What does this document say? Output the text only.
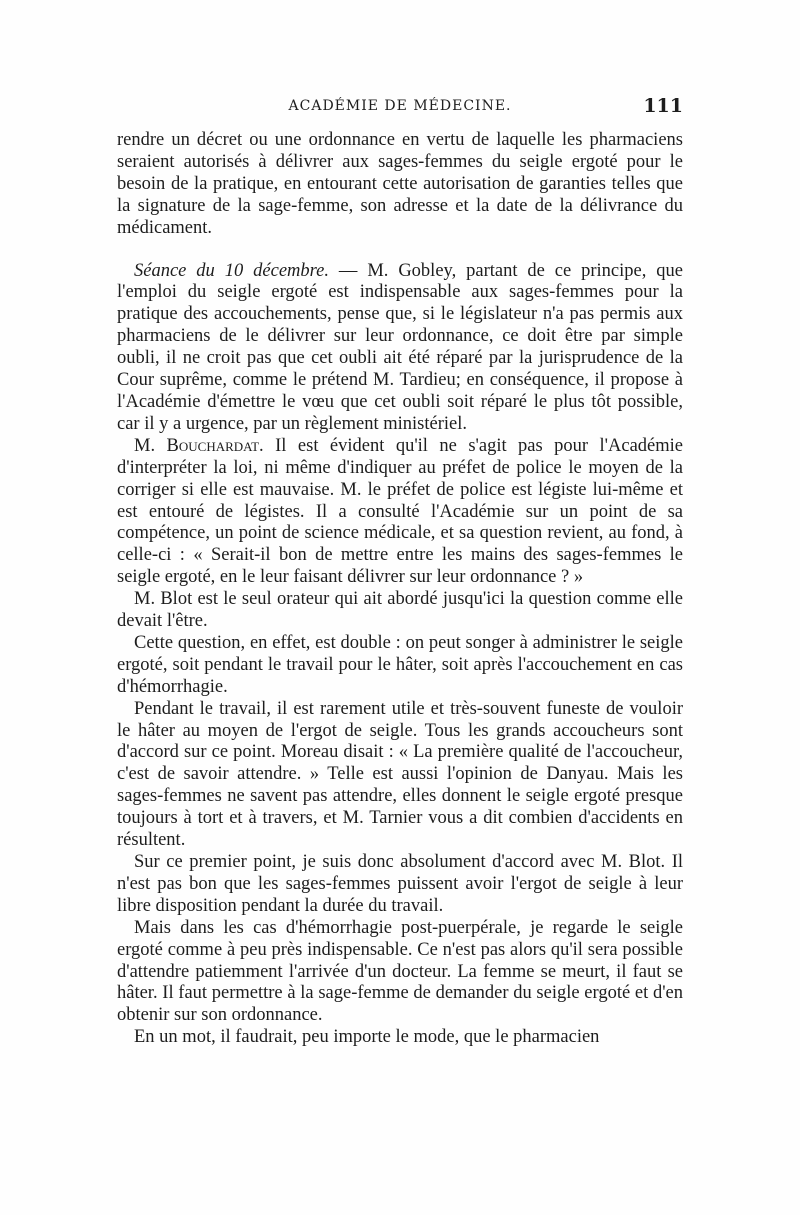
ACADÉMIE DE MÉDECINE.	111

rendre un décret ou une ordonnance en vertu de laquelle les pharmaciens seraient autorisés à délivrer aux sages-femmes du seigle ergoté pour le besoin de la pratique, en entourant cette autorisation de garanties telles que la signature de la sage-femme, son adresse et la date de la délivrance du médicament.

Séance du 10 décembre. — M. Gobley, partant de ce principe, que l'emploi du seigle ergoté est indispensable aux sages-femmes pour la pratique des accouchements, pense que, si le législateur n'a pas permis aux pharmaciens de le délivrer sur leur ordonnance, ce doit être par simple oubli, il ne croit pas que cet oubli ait été réparé par la jurisprudence de la Cour suprême, comme le prétend M. Tardieu; en conséquence, il propose à l'Académie d'émettre le vœu que cet oubli soit réparé le plus tôt possible, car il y a urgence, par un règlement ministériel.

M. Bouchardat. Il est évident qu'il ne s'agit pas pour l'Académie d'interpréter la loi, ni même d'indiquer au préfet de police le moyen de la corriger si elle est mauvaise. M. le préfet de police est légiste lui-même et est entouré de légistes. Il a consulté l'Académie sur un point de sa compétence, un point de science médicale, et sa question revient, au fond, à celle-ci : « Serait-il bon de mettre entre les mains des sages-femmes le seigle ergoté, en le leur faisant délivrer sur leur ordonnance ? »

M. Blot est le seul orateur qui ait abordé jusqu'ici la question comme elle devait l'être.

Cette question, en effet, est double : on peut songer à administrer le seigle ergoté, soit pendant le travail pour le hâter, soit après l'accouchement en cas d'hémorrhagie.

Pendant le travail, il est rarement utile et très-souvent funeste de vouloir le hâter au moyen de l'ergot de seigle. Tous les grands accoucheurs sont d'accord sur ce point. Moreau disait : « La première qualité de l'accoucheur, c'est de savoir attendre. » Telle est aussi l'opinion de Danyau. Mais les sages-femmes ne savent pas attendre, elles donnent le seigle ergoté presque toujours à tort et à travers, et M. Tarnier vous a dit combien d'accidents en résultent.

Sur ce premier point, je suis donc absolument d'accord avec M. Blot. Il n'est pas bon que les sages-femmes puissent avoir l'ergot de seigle à leur libre disposition pendant la durée du travail.

Mais dans les cas d'hémorrhagie post-puerpérale, je regarde le seigle ergoté comme à peu près indispensable. Ce n'est pas alors qu'il sera possible d'attendre patiemment l'arrivée d'un docteur. La femme se meurt, il faut se hâter. Il faut permettre à la sage-femme de demander du seigle ergoté et d'en obtenir sur son ordonnance.

En un mot, il faudrait, peu importe le mode, que le pharmacien
